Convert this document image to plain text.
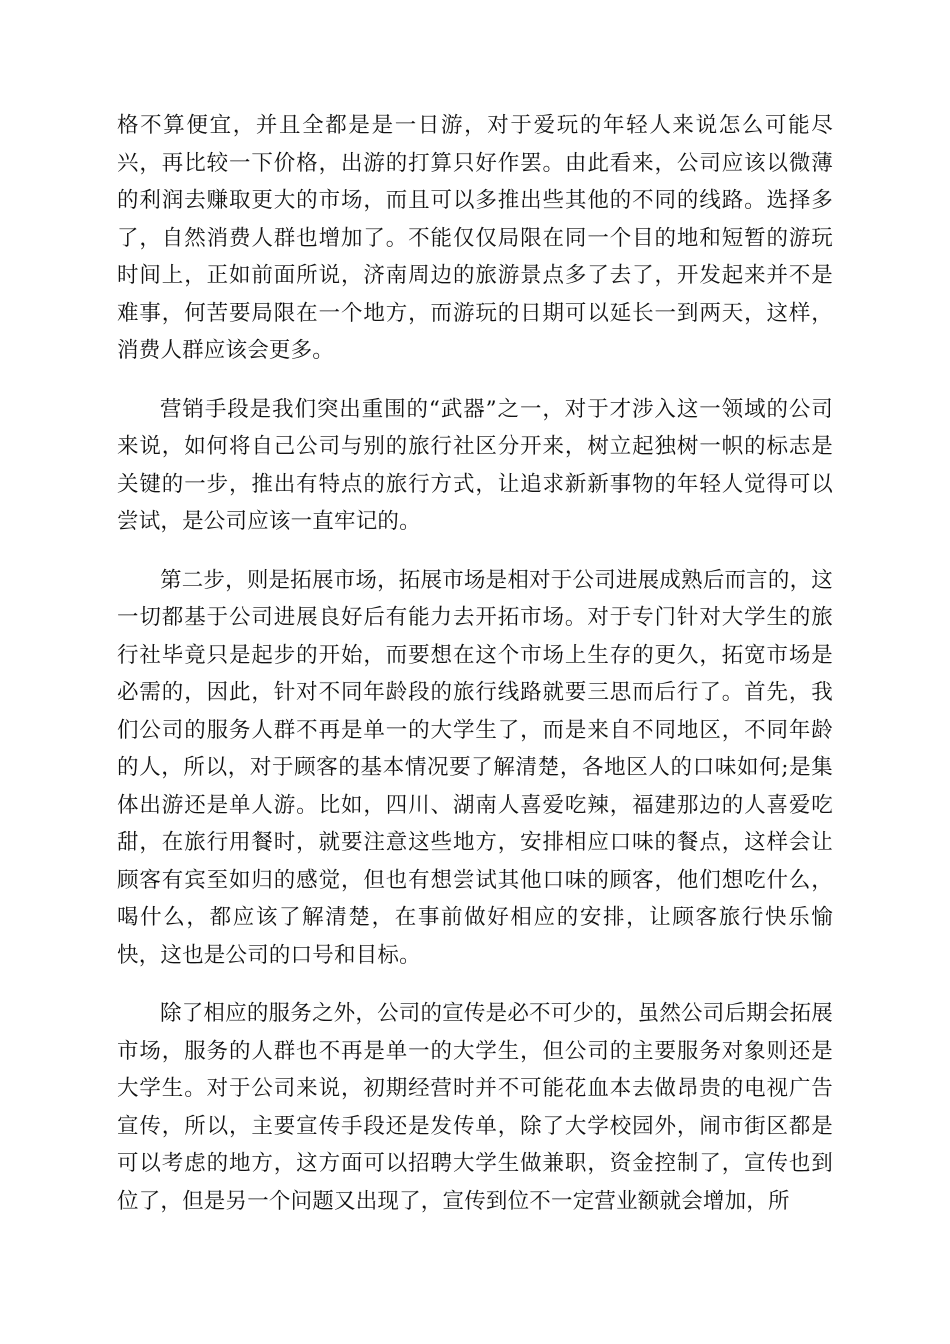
格不算便宜，并且全都是是一日游，对于爱玩的年轻人来说怎么可能尽兴，再比较一下价格，出游的打算只好作罢。由此看来，公司应该以微薄的利润去赚取更大的市场，而且可以多推出些其他的不同的线路。选择多了，自然消费人群也增加了。不能仅仅局限在同一个目的地和短暂的游玩时间上，正如前面所说，济南周边的旅游景点多了去了，开发起来并不是难事，何苦要局限在一个地方，而游玩的日期可以延长一到两天，这样，消费人群应该会更多。

营销手段是我们突出重围的“武器”之一，对于才涉入这一领域的公司来说，如何将自己公司与别的旅行社区分开来，树立起独树一帜的标志是关键的一步，推出有特点的旅行方式，让追求新新事物的年轻人觉得可以尝试，是公司应该一直牢记的。

第二步，则是拓展市场，拓展市场是相对于公司进展成熟后而言的，这一切都基于公司进展良好后有能力去开拓市场。对于专门针对大学生的旅行社毕竟只是起步的开始，而要想在这个市场上生存的更久，拓宽市场是必需的，因此，针对不同年龄段的旅行线路就要三思而后行了。首先，我们公司的服务人群不再是单一的大学生了，而是来自不同地区，不同年龄的人，所以，对于顾客的基本情况要了解清楚，各地区人的口味如何;是集体出游还是单人游。比如，四川、湖南人喜爱吃辣，福建那边的人喜爱吃甜，在旅行用餐时，就要注意这些地方，安排相应口味的餐点，这样会让顾客有宾至如归的感觉，但也有想尝试其他口味的顾客，他们想吃什么，喝什么，都应该了解清楚，在事前做好相应的安排，让顾客旅行快乐愉快，这也是公司的口号和目标。

除了相应的服务之外，公司的宣传是必不可少的，虽然公司后期会拓展市场，服务的人群也不再是单一的大学生，但公司的主要服务对象则还是大学生。对于公司来说，初期经营时并不可能花血本去做昂贵的电视广告宣传，所以，主要宣传手段还是发传单，除了大学校园外，闹市街区都是可以考虑的地方，这方面可以招聘大学生做兼职，资金控制了，宣传也到位了，但是另一个问题又出现了，宣传到位不一定营业额就会增加，所
